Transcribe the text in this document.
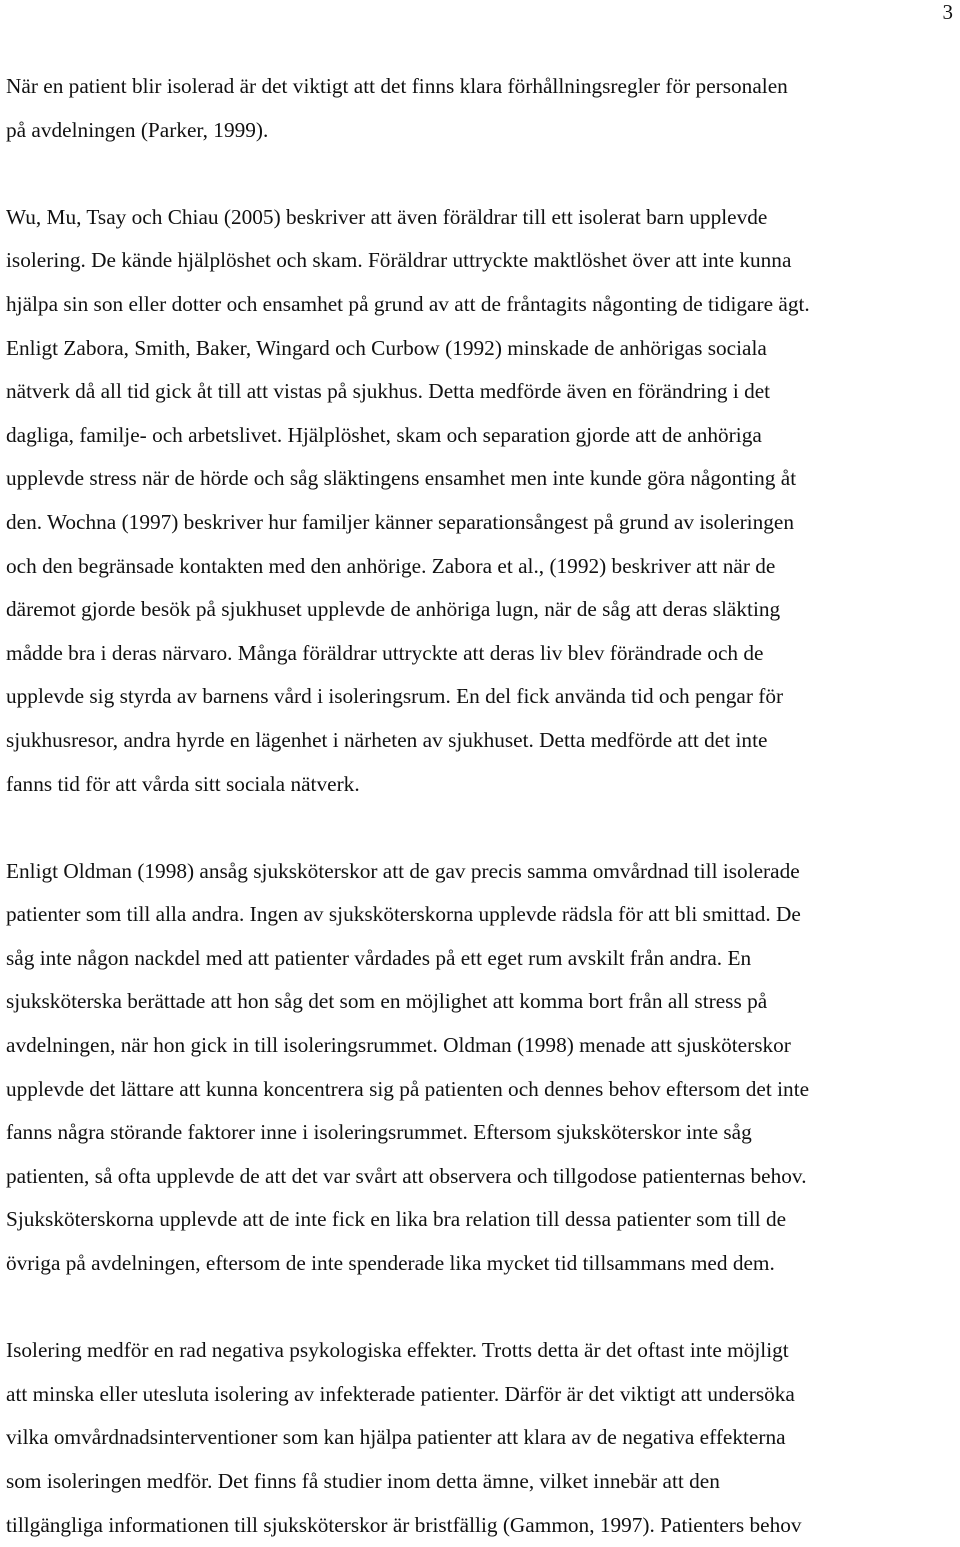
3

När en patient blir isolerad är det viktigt att det finns klara förhållningsregler för personalen
på avdelningen (Parker, 1999).

Wu, Mu, Tsay och Chiau (2005) beskriver att även föräldrar till ett isolerat barn upplevde
isolering. De kände hjälplöshet och skam. Föräldrar uttryckte maktlöshet över att inte kunna
hjälpa sin son eller dotter och ensamhet på grund av att de fråntagits någonting de tidigare ägt.
Enligt Zabora, Smith, Baker, Wingard och Curbow (1992) minskade de anhörigas sociala
nätverk då all tid gick åt till att vistas på sjukhus. Detta medförde även en förändring i det
dagliga, familje- och arbetslivet. Hjälplöshet, skam och separation gjorde att de anhöriga
upplevde stress när de hörde och såg släktingens ensamhet men inte kunde göra någonting åt
den. Wochna (1997) beskriver hur familjer känner separationsångest på grund av isoleringen
och den begränsade kontakten med den anhörige. Zabora et al., (1992) beskriver att när de
däremot gjorde besök på sjukhuset upplevde de anhöriga lugn, när de såg att deras släkting
mådde bra i deras närvaro. Många föräldrar uttryckte att deras liv blev förändrade och de
upplevde sig styrda av barnens vård i isoleringsrum. En del fick använda tid och pengar för
sjukhusresor, andra hyrde en lägenhet i närheten av sjukhuset. Detta medförde att det inte
fanns tid för att vårda sitt sociala nätverk.

Enligt Oldman (1998) ansåg sjuksköterskor att de gav precis samma omvårdnad till isolerade
patienter som till alla andra. Ingen av sjuksköterskorna upplevde rädsla för att bli smittad. De
såg inte någon nackdel med att patienter vårdades på ett eget rum avskilt från andra. En
sjuksköterska berättade att hon såg det som en möjlighet att komma bort från all stress på
avdelningen, när hon gick in till isoleringsrummet. Oldman (1998) menade att sjusköterskor
upplevde det lättare att kunna koncentrera sig på patienten och dennes behov eftersom det inte
fanns några störande faktorer inne i isoleringsrummet. Eftersom sjuksköterskor inte såg
patienten, så ofta upplevde de att det var svårt att observera och tillgodose patienternas behov.
Sjuksköterskorna upplevde att de inte fick en lika bra relation till dessa patienter som till de
övriga på avdelningen, eftersom de inte spenderade lika mycket tid tillsammans med dem.

Isolering medför en rad negativa psykologiska effekter. Trotts detta är det oftast inte möjligt
att minska eller utesluta isolering av infekterade patienter. Därför är det viktigt att undersöka
vilka omvårdnadsinterventioner som kan hjälpa patienter att klara av de negativa effekterna
som isoleringen medför. Det finns få studier inom detta ämne, vilket innebär att den
tillgängliga informationen till sjuksköterskor är bristfällig (Gammon, 1997). Patienters behov
